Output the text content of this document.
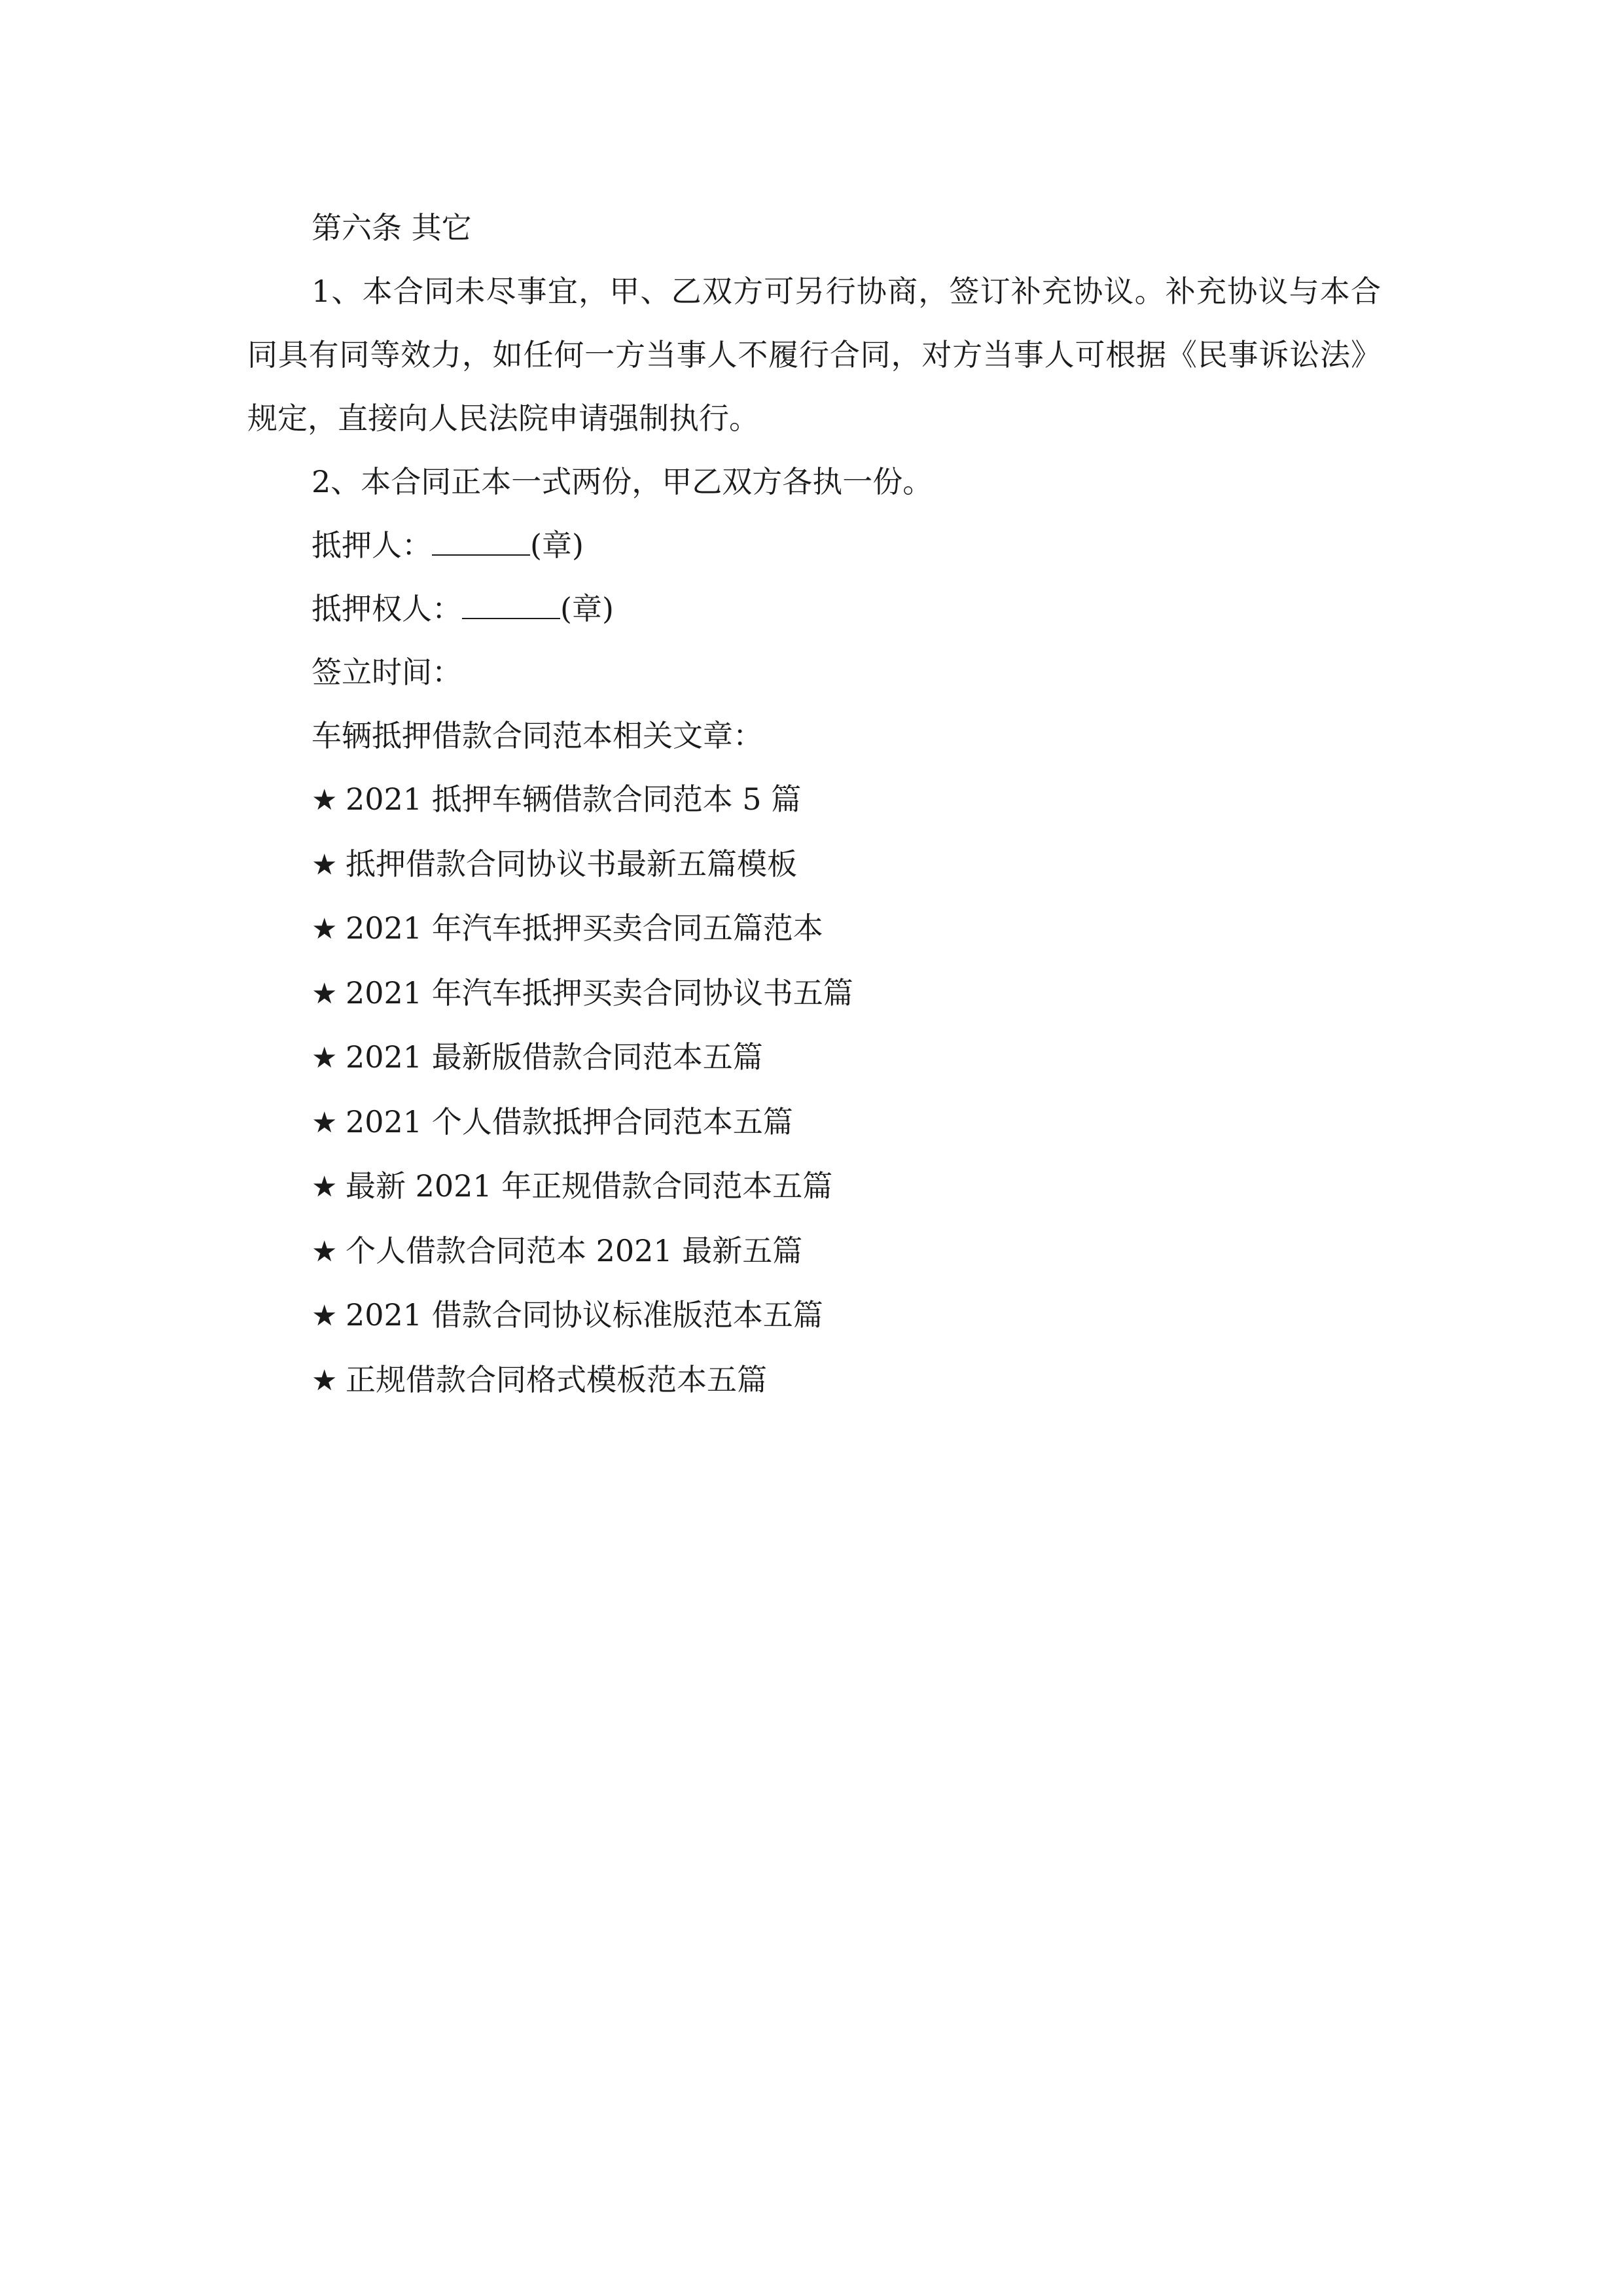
第六条 其它

1、本合同未尽事宜，甲、乙双方可另行协商，签订补充协议。补充协议与本合同具有同等效力，如任何一方当事人不履行合同，对方当事人可根据《民事诉讼法》规定，直接向人民法院申请强制执行。

2、本合同正本一式两份，甲乙双方各执一份。

抵押人：	(章)

抵押权人：	(章)

签立时间：

车辆抵押借款合同范本相关文章：

★ 2021 抵押车辆借款合同范本 5 篇
★ 抵押借款合同协议书最新五篇模板
★ 2021 年汽车抵押买卖合同五篇范本
★ 2021 年汽车抵押买卖合同协议书五篇
★ 2021 最新版借款合同范本五篇
★ 2021 个人借款抵押合同范本五篇
★ 最新 2021 年正规借款合同范本五篇
★ 个人借款合同范本 2021 最新五篇
★ 2021 借款合同协议标准版范本五篇
★ 正规借款合同格式模板范本五篇
